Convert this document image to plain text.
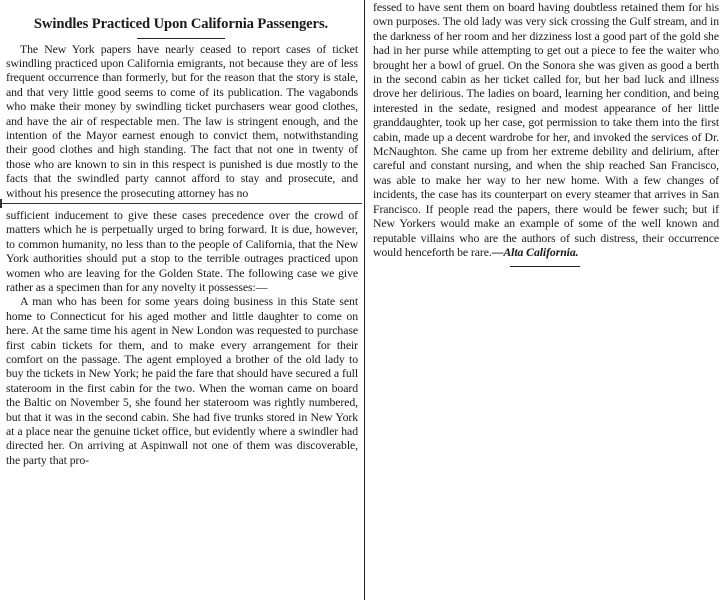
Swindles Practiced Upon California Passengers.

The New York papers have nearly ceased to report cases of ticket swindling practiced upon California emigrants, not because they are of less frequent occurrence than formerly, but for the reason that the story is stale, and that very little good seems to come of its publication. The vagabonds who make their money by swindling ticket purchasers wear good clothes, and have the air of respectable men. The law is stringent enough, and the intention of the Mayor earnest enough to convict them, notwithstanding their good clothes and high standing. The fact that not one in twenty of those who are known to sin in this respect is punished is due mostly to the facts that the swindled party cannot afford to stay and prosecute, and without his presence the prosecuting attorney has no

sufficient inducement to give these cases precedence over the crowd of matters which he is perpetually urged to bring forward. It is due, however, to common humanity, no less than to the people of California, that the New York authorities should put a stop to the terrible outrages practiced upon women who are leaving for the Golden State. The following case we give rather as a specimen than for any novelty it possesses:—

A man who has been for some years doing business in this State sent home to Connecticut for his aged mother and little daughter to come on here. At the same time his agent in New London was requested to purchase first cabin tickets for them, and to make every arrangement for their comfort on the passage. The agent employed a brother of the old lady to buy the tickets in New York; he paid the fare that should have secured a full stateroom in the first cabin for the two. When the woman came on board the Baltic on November 5, she found her stateroom was rightly numbered, but that it was in the second cabin. She had five trunks stored in New York at a place near the genuine ticket office, but evidently where a swindler had directed her. On arriving at Aspinwall not one of them was discoverable, the party that pro-

fessed to have sent them on board having doubtless retained them for his own purposes. The old lady was very sick crossing the Gulf stream, and in the darkness of her room and her dizziness lost a good part of the gold she had in her purse while attempting to get out a piece to fee the waiter who brought her a bowl of gruel. On the Sonora she was given as good a berth in the second cabin as her ticket called for, but her bad luck and illness drove her delirious. The ladies on board, learning her condition, and being interested in the sedate, resigned and modest appearance of her little granddaughter, took up her case, got permission to take them into the first cabin, made up a decent wardrobe for her, and invoked the services of Dr. McNaughton. She came up from her extreme debility and delirium, after careful and constant nursing, and when the ship reached San Francisco, was able to make her way to her new home. With a few changes of incidents, the case has its counterpart on every steamer that arrives in San Francisco. If people read the papers, there would be fewer such; but if New Yorkers would make an example of some of the well known and reputable villains who are the authors of such distress, their occurrence would henceforth be rare.—Alta California.
